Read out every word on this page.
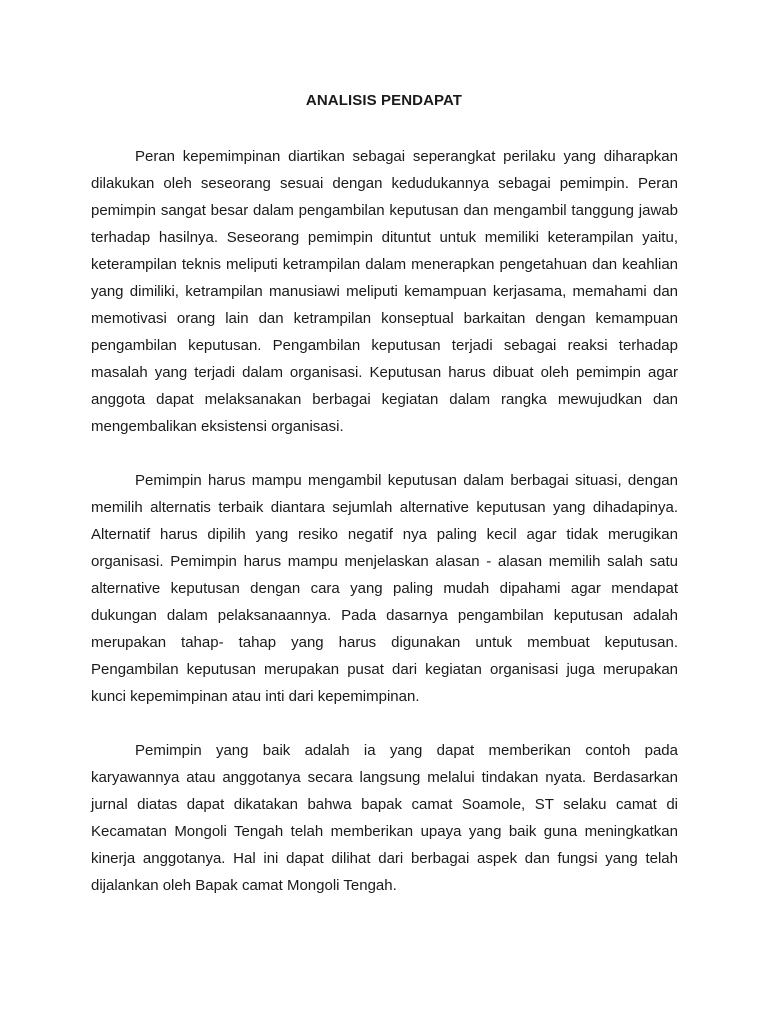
ANALISIS PENDAPAT

Peran kepemimpinan diartikan sebagai seperangkat perilaku yang diharapkan dilakukan oleh seseorang sesuai dengan kedudukannya sebagai pemimpin. Peran pemimpin sangat besar dalam pengambilan keputusan dan mengambil tanggung jawab terhadap hasilnya. Seseorang pemimpin dituntut untuk memiliki keterampilan yaitu, keterampilan teknis meliputi ketrampilan dalam menerapkan pengetahuan dan keahlian yang dimiliki, ketrampilan manusiawi meliputi kemampuan kerjasama, memahami dan memotivasi orang lain dan ketrampilan konseptual barkaitan dengan kemampuan pengambilan keputusan. Pengambilan keputusan terjadi sebagai reaksi terhadap masalah yang terjadi dalam organisasi. Keputusan harus dibuat oleh pemimpin agar anggota dapat melaksanakan berbagai kegiatan dalam rangka mewujudkan dan mengembalikan eksistensi organisasi.

Pemimpin harus mampu mengambil keputusan dalam berbagai situasi, dengan memilih alternatis terbaik diantara sejumlah alternative keputusan yang dihadapinya. Alternatif harus dipilih yang resiko negatif nya paling kecil agar tidak merugikan organisasi. Pemimpin harus mampu menjelaskan alasan - alasan memilih salah satu alternative keputusan dengan cara yang paling mudah dipahami agar mendapat dukungan dalam pelaksanaannya. Pada dasarnya pengambilan keputusan adalah merupakan tahap- tahap yang harus digunakan untuk membuat keputusan. Pengambilan keputusan merupakan pusat dari kegiatan organisasi juga merupakan kunci kepemimpinan atau inti dari kepemimpinan.

Pemimpin yang baik adalah ia yang dapat memberikan contoh pada karyawannya atau anggotanya secara langsung melalui tindakan nyata. Berdasarkan jurnal diatas dapat dikatakan bahwa bapak camat Soamole, ST selaku camat di Kecamatan Mongoli Tengah telah memberikan upaya yang baik guna meningkatkan kinerja anggotanya. Hal ini dapat dilihat dari berbagai aspek dan fungsi yang telah dijalankan oleh Bapak camat Mongoli Tengah.
